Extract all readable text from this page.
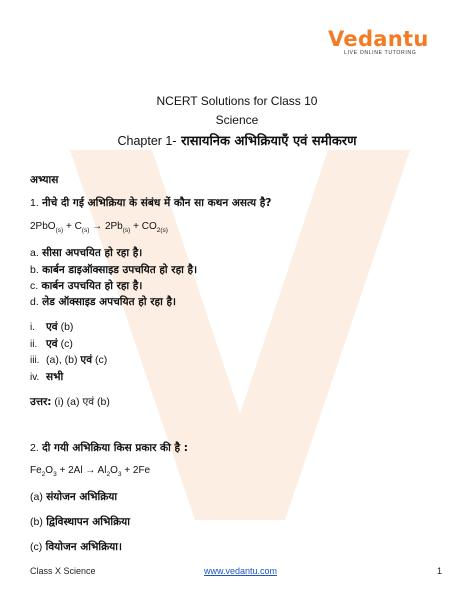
Vedantu
LIVE ONLINE TUTORING
NCERT Solutions for Class 10
Science
Chapter 1- रासायनिक अभिक्रियाएँ एवं समीकरण
अभ्यास
1. नीचे दी गई अभिक्रिया के संबंध में कौन सा कथन असत्य है?
$2PbO_{(s)} + C_{(s)} \to 2Pb_{(s)} + CO_{2(s)}$
a. सीसा अपचयित हो रहा है।
b. कार्बन डाइऑक्साइड उपचयित हो रहा है।
c. कार्बन उपचयित हो रहा है।
d. लेड ऑक्साइड अपचयित हो रहा है।
i. एवं (b)
ii. एवं (c)
iii. (a), (b) एवं (c)
iv. सभी
उत्तर: (i) (a) एवं (b)
2. दी गयी अभिक्रिया किस प्रकार की है :
$Fe_2O_3 + 2Al \to Al_2O_3 + 2Fe$
(a) संयोजन अभिक्रिया
(b) द्विविस्थापन अभिक्रिया
(c) वियोजन अभिक्रिया।
Class X Science	www.vedantu.com	1
